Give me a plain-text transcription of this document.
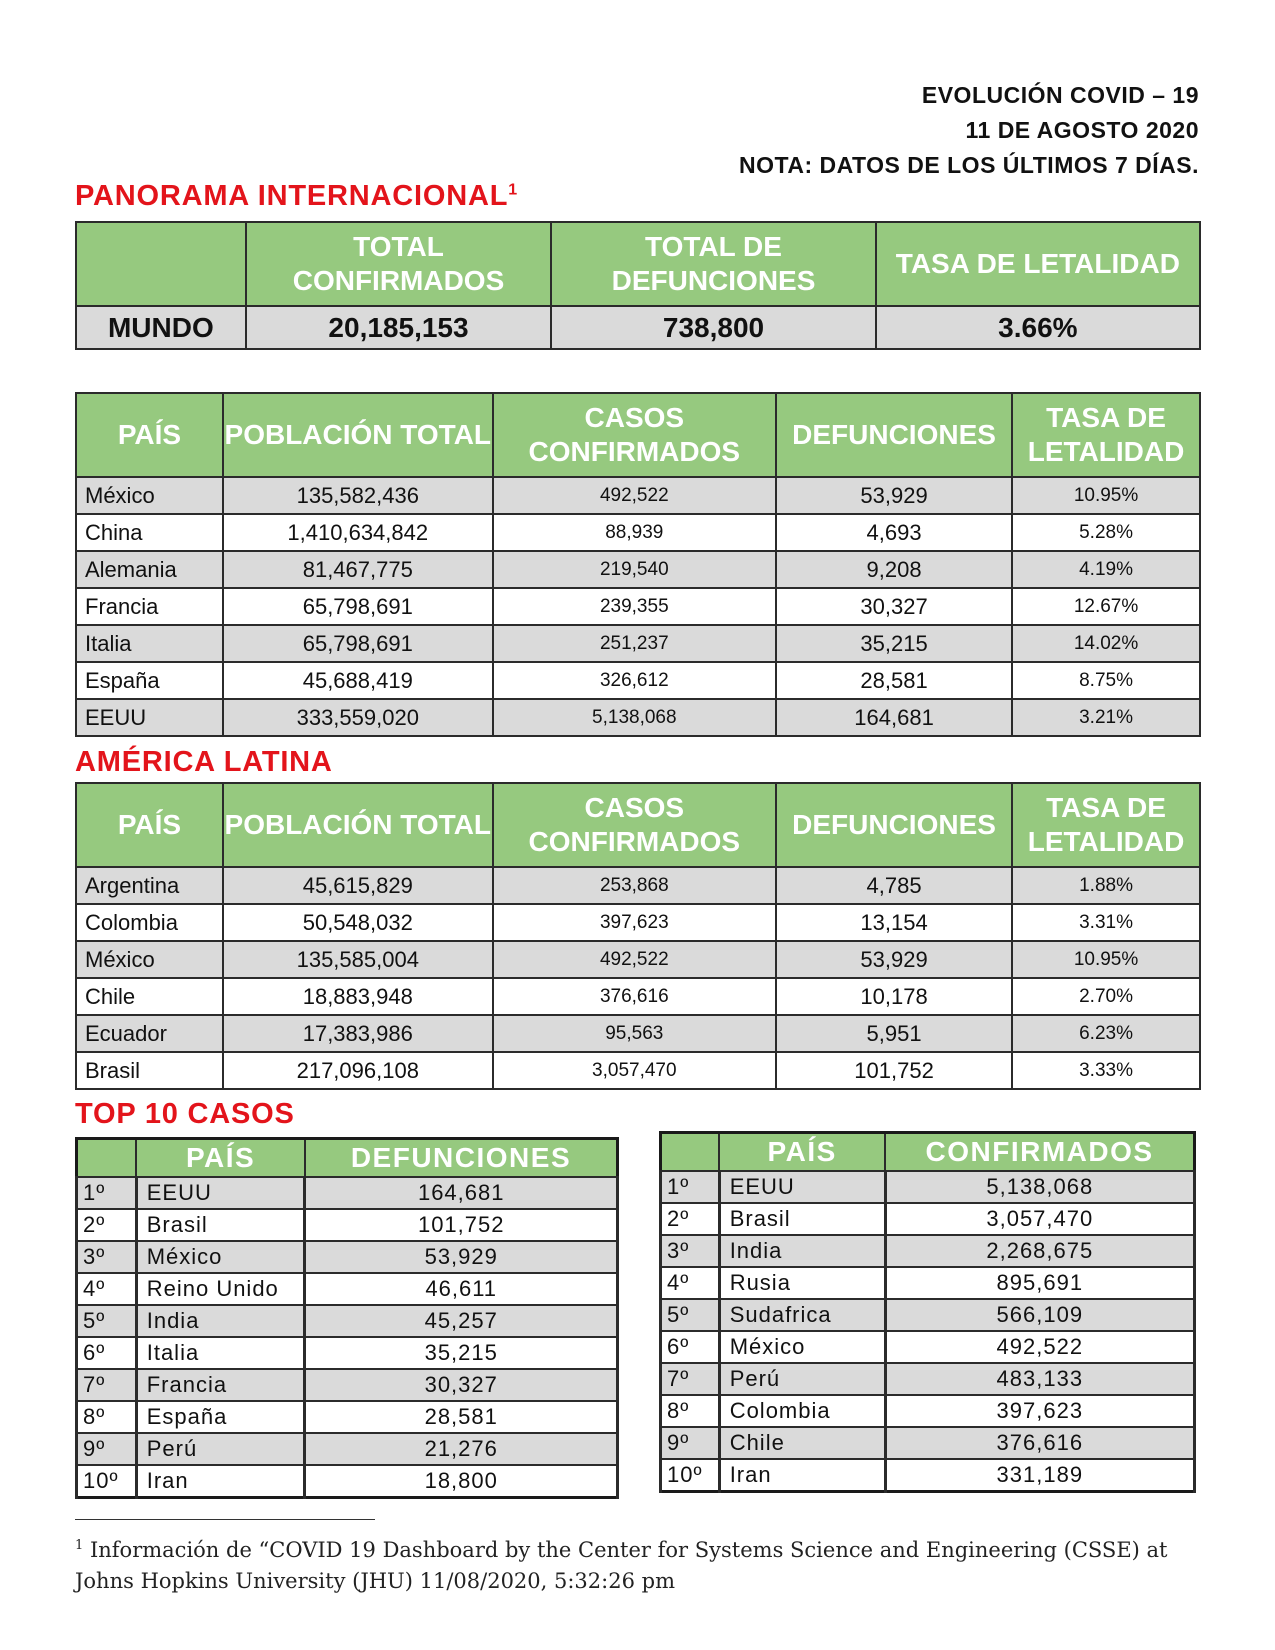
EVOLUCIÓN COVID – 19
11 DE AGOSTO 2020
NOTA: DATOS DE LOS ÚLTIMOS 7 DÍAS.
PANORAMA INTERNACIONAL$^1$
	TOTAL CONFIRMADOS	TOTAL DE DEFUNCIONES	TASA DE LETALIDAD
MUNDO	20,185,153	738,800	3.66%
PAÍS	POBLACIÓN TOTAL	CASOS CONFIRMADOS	DEFUNCIONES	TASA DE LETALIDAD
México	135,582,436	492,522	53,929	10.95%
China	1,410,634,842	88,939	4,693	5.28%
Alemania	81,467,775	219,540	9,208	4.19%
Francia	65,798,691	239,355	30,327	12.67%
Italia	65,798,691	251,237	35,215	14.02%
España	45,688,419	326,612	28,581	8.75%
EEUU	333,559,020	5,138,068	164,681	3.21%
AMÉRICA LATINA
PAÍS	POBLACIÓN TOTAL	CASOS CONFIRMADOS	DEFUNCIONES	TASA DE LETALIDAD
Argentina	45,615,829	253,868	4,785	1.88%
Colombia	50,548,032	397,623	13,154	3.31%
México	135,585,004	492,522	53,929	10.95%
Chile	18,883,948	376,616	10,178	2.70%
Ecuador	17,383,986	95,563	5,951	6.23%
Brasil	217,096,108	3,057,470	101,752	3.33%
TOP 10 CASOS
	PAÍS	DEFUNCIONES
1º	EEUU	164,681
2º	Brasil	101,752
3º	México	53,929
4º	Reino Unido	46,611
5º	India	45,257
6º	Italia	35,215
7º	Francia	30,327
8º	España	28,581
9º	Perú	21,276
10º	Iran	18,800
	PAÍS	CONFIRMADOS
1º	EEUU	5,138,068
2º	Brasil	3,057,470
3º	India	2,268,675
4º	Rusia	895,691
5º	Sudafrica	566,109
6º	México	492,522
7º	Perú	483,133
8º	Colombia	397,623
9º	Chile	376,616
10º	Iran	331,189
$^1$ Información de “COVID 19 Dashboard by the Center for Systems Science and Engineering (CSSE) at Johns Hopkins University (JHU) 11/08/2020, 5:32:26 pm
